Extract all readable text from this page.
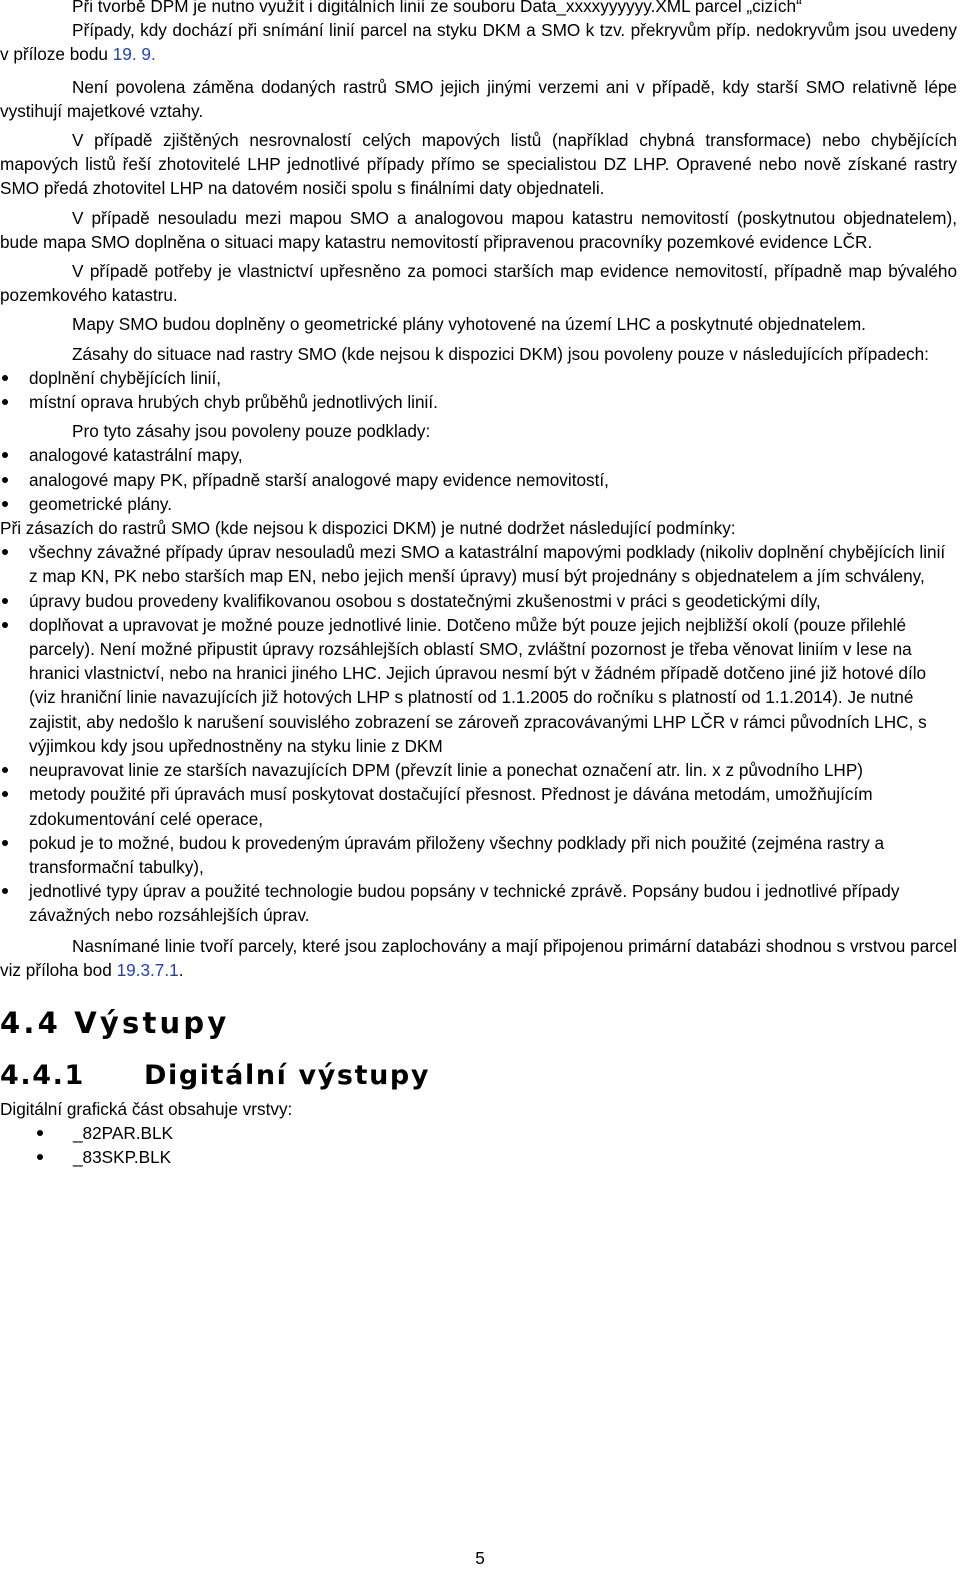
Při tvorbě DPM je nutno využít i digitálních linií ze souboru Data_xxxxyyyyyy.XML parcel „cizích“

Případy, kdy dochází při snímání linií parcel na styku DKM a SMO k tzv. překryvům příp. nedokryvům jsou uvedeny v příloze bodu 19. 9.

Není povolena záměna dodaných rastrů SMO jejich jinými verzemi ani v případě, kdy starší SMO relativně lépe vystihují majetkové vztahy.

V případě zjištěných nesrovnalostí celých mapových listů (například chybná transformace) nebo chybějících mapových listů řeší zhotovitelé LHP jednotlivé případy přímo se specialistou DZ LHP. Opravené nebo nově získané rastry SMO předá zhotovitel LHP na datovém nosiči spolu s finálními daty objednateli.

V případě nesouladu mezi mapou SMO a analogovou mapou katastru nemovitostí (poskytnutou objednatelem), bude mapa SMO doplněna o situaci mapy katastru nemovitostí připravenou pracovníky pozemkové evidence LČR.

V případě potřeby je vlastnictví upřesněno za pomoci starších map evidence nemovitostí, případně map bývalého pozemkového katastru.

Mapy SMO budou doplněny o geometrické plány vyhotovené na území LHC a poskytnuté objednatelem.

Zásahy do situace nad rastry SMO (kde nejsou k dispozici DKM) jsou povoleny pouze v následujících případech:

doplnění chybějících linií,
místní oprava hrubých chyb průběhů jednotlivých linií.

Pro tyto zásahy jsou povoleny pouze podklady:

analogové katastrální mapy,
analogové mapy PK, případně starší analogové mapy evidence nemovitostí,
geometrické plány.

Při zásazích do rastrů SMO (kde nejsou k dispozici DKM) je nutné dodržet následující podmínky:

všechny závažné případy úprav nesouladů mezi SMO a katastrální mapovými podklady (nikoliv doplnění chybějících linií z map KN, PK nebo starších map EN, nebo jejich menší úpravy) musí být projednány s objednatelem a jím schváleny,
úpravy budou provedeny kvalifikovanou osobou s dostatečnými zkušenostmi v práci s geodetickými díly,
doplňovat a upravovat je možné pouze jednotlivé linie. Dotčeno může být pouze jejich nejbližší okolí (pouze přilehlé parcely). Není možné připustit úpravy rozsáhlejších oblastí SMO, zvláštní pozornost je třeba věnovat liniím v lese na hranici vlastnictví, nebo na hranici jiného LHC. Jejich úpravou nesmí být v žádném případě dotčeno jiné již hotové dílo (viz hraniční linie navazujících již hotových LHP s platností od 1.1.2005 do ročníku s platností od 1.1.2014). Je nutné zajistit, aby nedošlo k narušení souvislého zobrazení se zároveň zpracovávanými LHP LČR v rámci původních LHC, s výjimkou kdy jsou upřednostněny na styku linie z DKM
neupravovat linie ze starších navazujících DPM (převzít linie a ponechat označení atr. lin. x z původního LHP)
metody použité při úpravách musí poskytovat dostačující přesnost. Přednost je dávána metodám, umožňujícím zdokumentování celé operace,
pokud je to možné, budou k provedeným úpravám přiloženy všechny podklady při nich použité (zejména rastry a transformační tabulky),
jednotlivé typy úprav a použité technologie budou popsány v technické zprávě. Popsány budou i jednotlivé případy závažných nebo rozsáhlejších úprav.

Nasnímané linie tvoří parcely, které jsou zaplochovány a mají připojenou primární databázi shodnou s vrstvou parcel viz příloha bod 19.3.7.1.

4.4 Výstupy
4.4.1 Digitální výstupy

Digitální grafická část obsahuje vrstvy:

_82PAR.BLK
_83SKP.BLK
5
